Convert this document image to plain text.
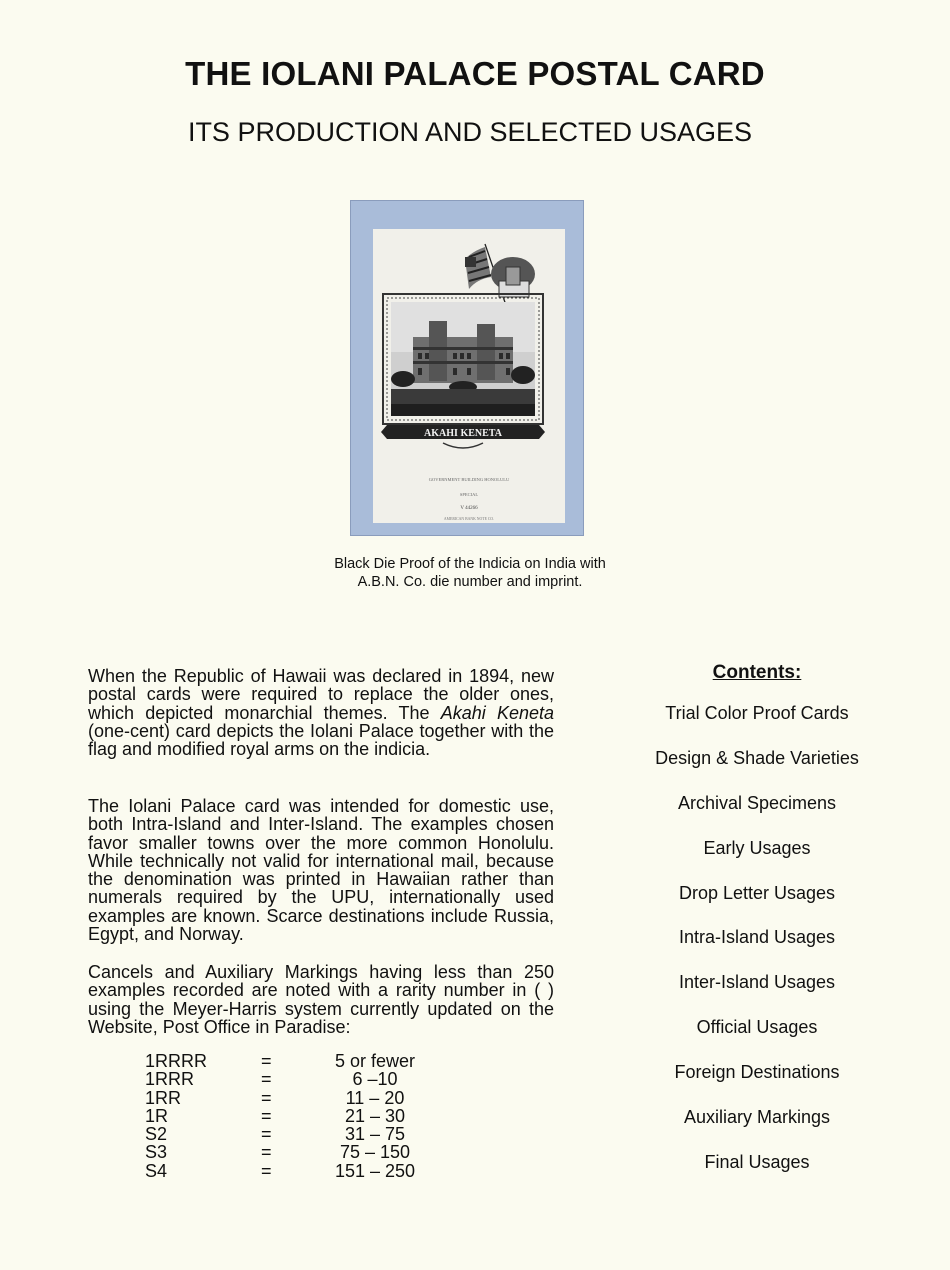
THE IOLANI PALACE POSTAL CARD
ITS PRODUCTION AND SELECTED USAGES
AKAHI KENETA
GOVERNMENT BUILDING HONOLULU
SPECIAL
V 44266
AMERICAN BANK NOTE CO.
Black Die Proof of the Indicia on India with A.B.N. Co. die number and imprint.

When the Republic of Hawaii was declared in 1894, new postal cards were required to replace the older ones, which depicted monarchial themes. The Akahi Keneta (one-cent) card depicts the Iolani Palace together with the flag and modified royal arms on the indicia.

The Iolani Palace card was intended for domestic use, both Intra-Island and Inter-Island. The examples chosen favor smaller towns over the more common Honolulu. While technically not valid for international mail, because the denomination was printed in Hawaiian rather than numerals required by the UPU, internationally used examples are known. Scarce destinations include Russia, Egypt, and Norway.

Cancels and Auxiliary Markings having less than 250 examples recorded are noted with a rarity number in ( ) using the Meyer-Harris system currently updated on the Website, Post Office in Paradise:

1RRRR	=	5 or fewer
1RRR	=	6 –10
1RR	=	11 – 20
1R	=	21 – 30
S2	=	31 – 75
S3	=	75 – 150
S4	=	151 – 250
Contents:
Trial Color Proof Cards
Design & Shade Varieties
Archival Specimens
Early Usages
Drop Letter Usages
Intra-Island Usages
Inter-Island Usages
Official Usages
Foreign Destinations
Auxiliary Markings
Final Usages
